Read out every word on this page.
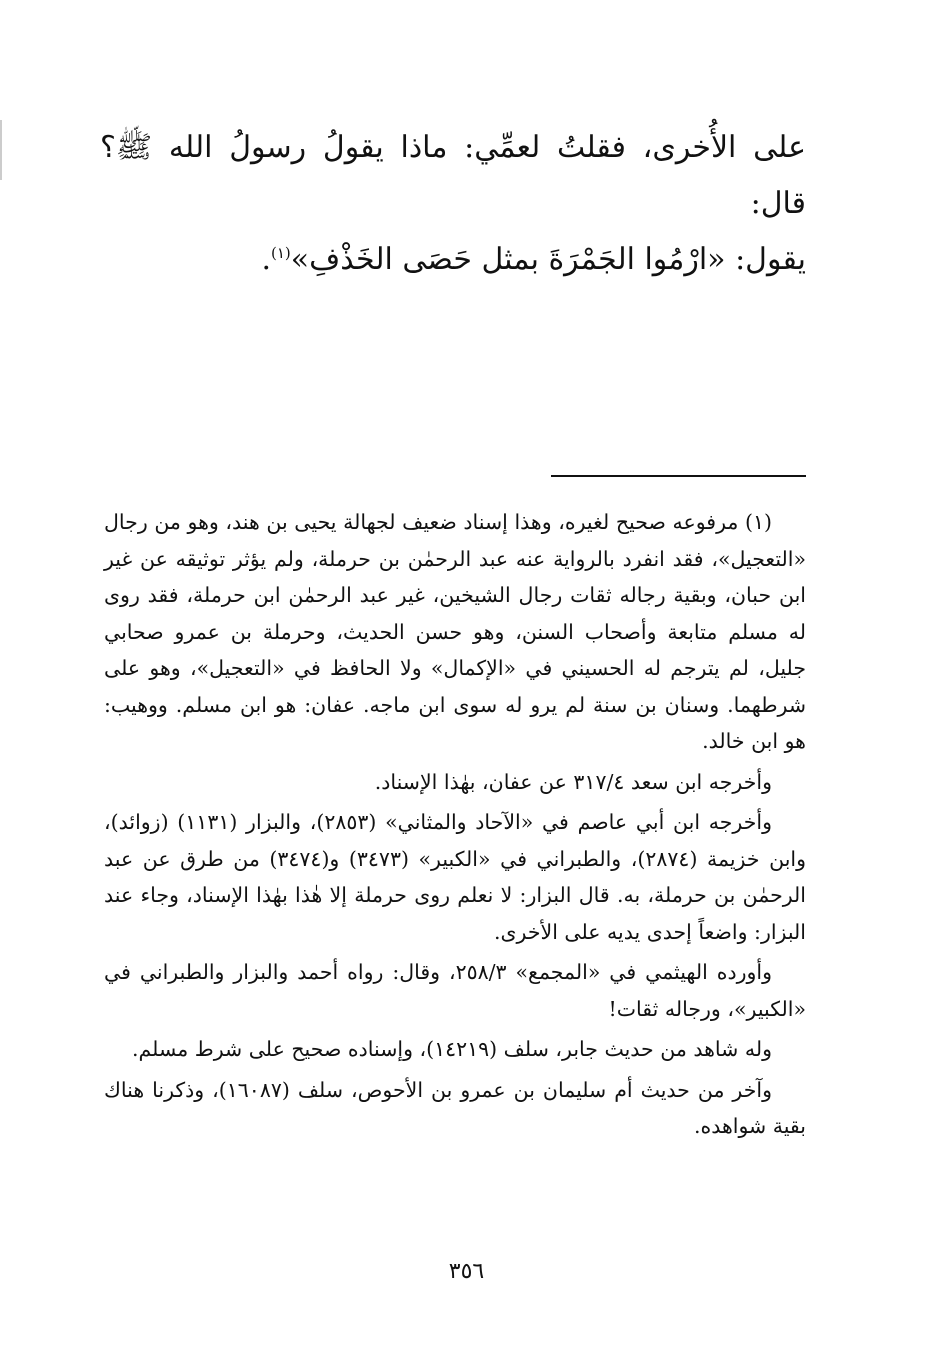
على الأُخرى، فقلتُ لعمِّي: ماذا يقولُ رسولُ الله ﷺ؟ قال:

يقول: «ارْمُوا الجَمْرَةَ بمثل حَصَى الخَذْفِ»$^{(١)}$.

(١) مرفوعه صحيح لغيره، وهذا إسناد ضعيف لجهالة يحيى بن هند، وهو من رجال «التعجيل»، فقد انفرد بالرواية عنه عبد الرحمٰن بن حرملة، ولم يؤثر توثيقه عن غير ابن حبان، وبقية رجاله ثقات رجال الشيخين، غير عبد الرحمٰن ابن حرملة، فقد روى له مسلم متابعة وأصحاب السنن، وهو حسن الحديث، وحرملة بن عمرو صحابي جليل، لم يترجم له الحسيني في «الإكمال» ولا الحافظ في «التعجيل»، وهو على شرطهما. وسنان بن سنة لم يرو له سوى ابن ماجه. عفان: هو ابن مسلم. ووهيب: هو ابن خالد.

وأخرجه ابن سعد ٣١٧/٤ عن عفان، بهٰذا الإسناد.

وأخرجه ابن أبي عاصم في «الآحاد والمثاني» (٢٨٥٣)، والبزار (١١٣١) (زوائد)، وابن خزيمة (٢٨٧٤)، والطبراني في «الكبير» (٣٤٧٣) و(٣٤٧٤) من طرق عن عبد الرحمٰن بن حرملة، به. قال البزار: لا نعلم روى حرملة إلا هٰذا بهٰذا الإسناد، وجاء عند البزار: واضعاً إحدى يديه على الأخرى.

وأورده الهيثمي في «المجمع» ٢٥٨/٣، وقال: رواه أحمد والبزار والطبراني في «الكبير»، ورجاله ثقات!

وله شاهد من حديث جابر، سلف (١٤٢١٩)، وإسناده صحيح على شرط مسلم.

وآخر من حديث أم سليمان بن عمرو بن الأحوص، سلف (١٦٠٨٧)، وذكرنا هناك بقية شواهده.

٣٥٦
